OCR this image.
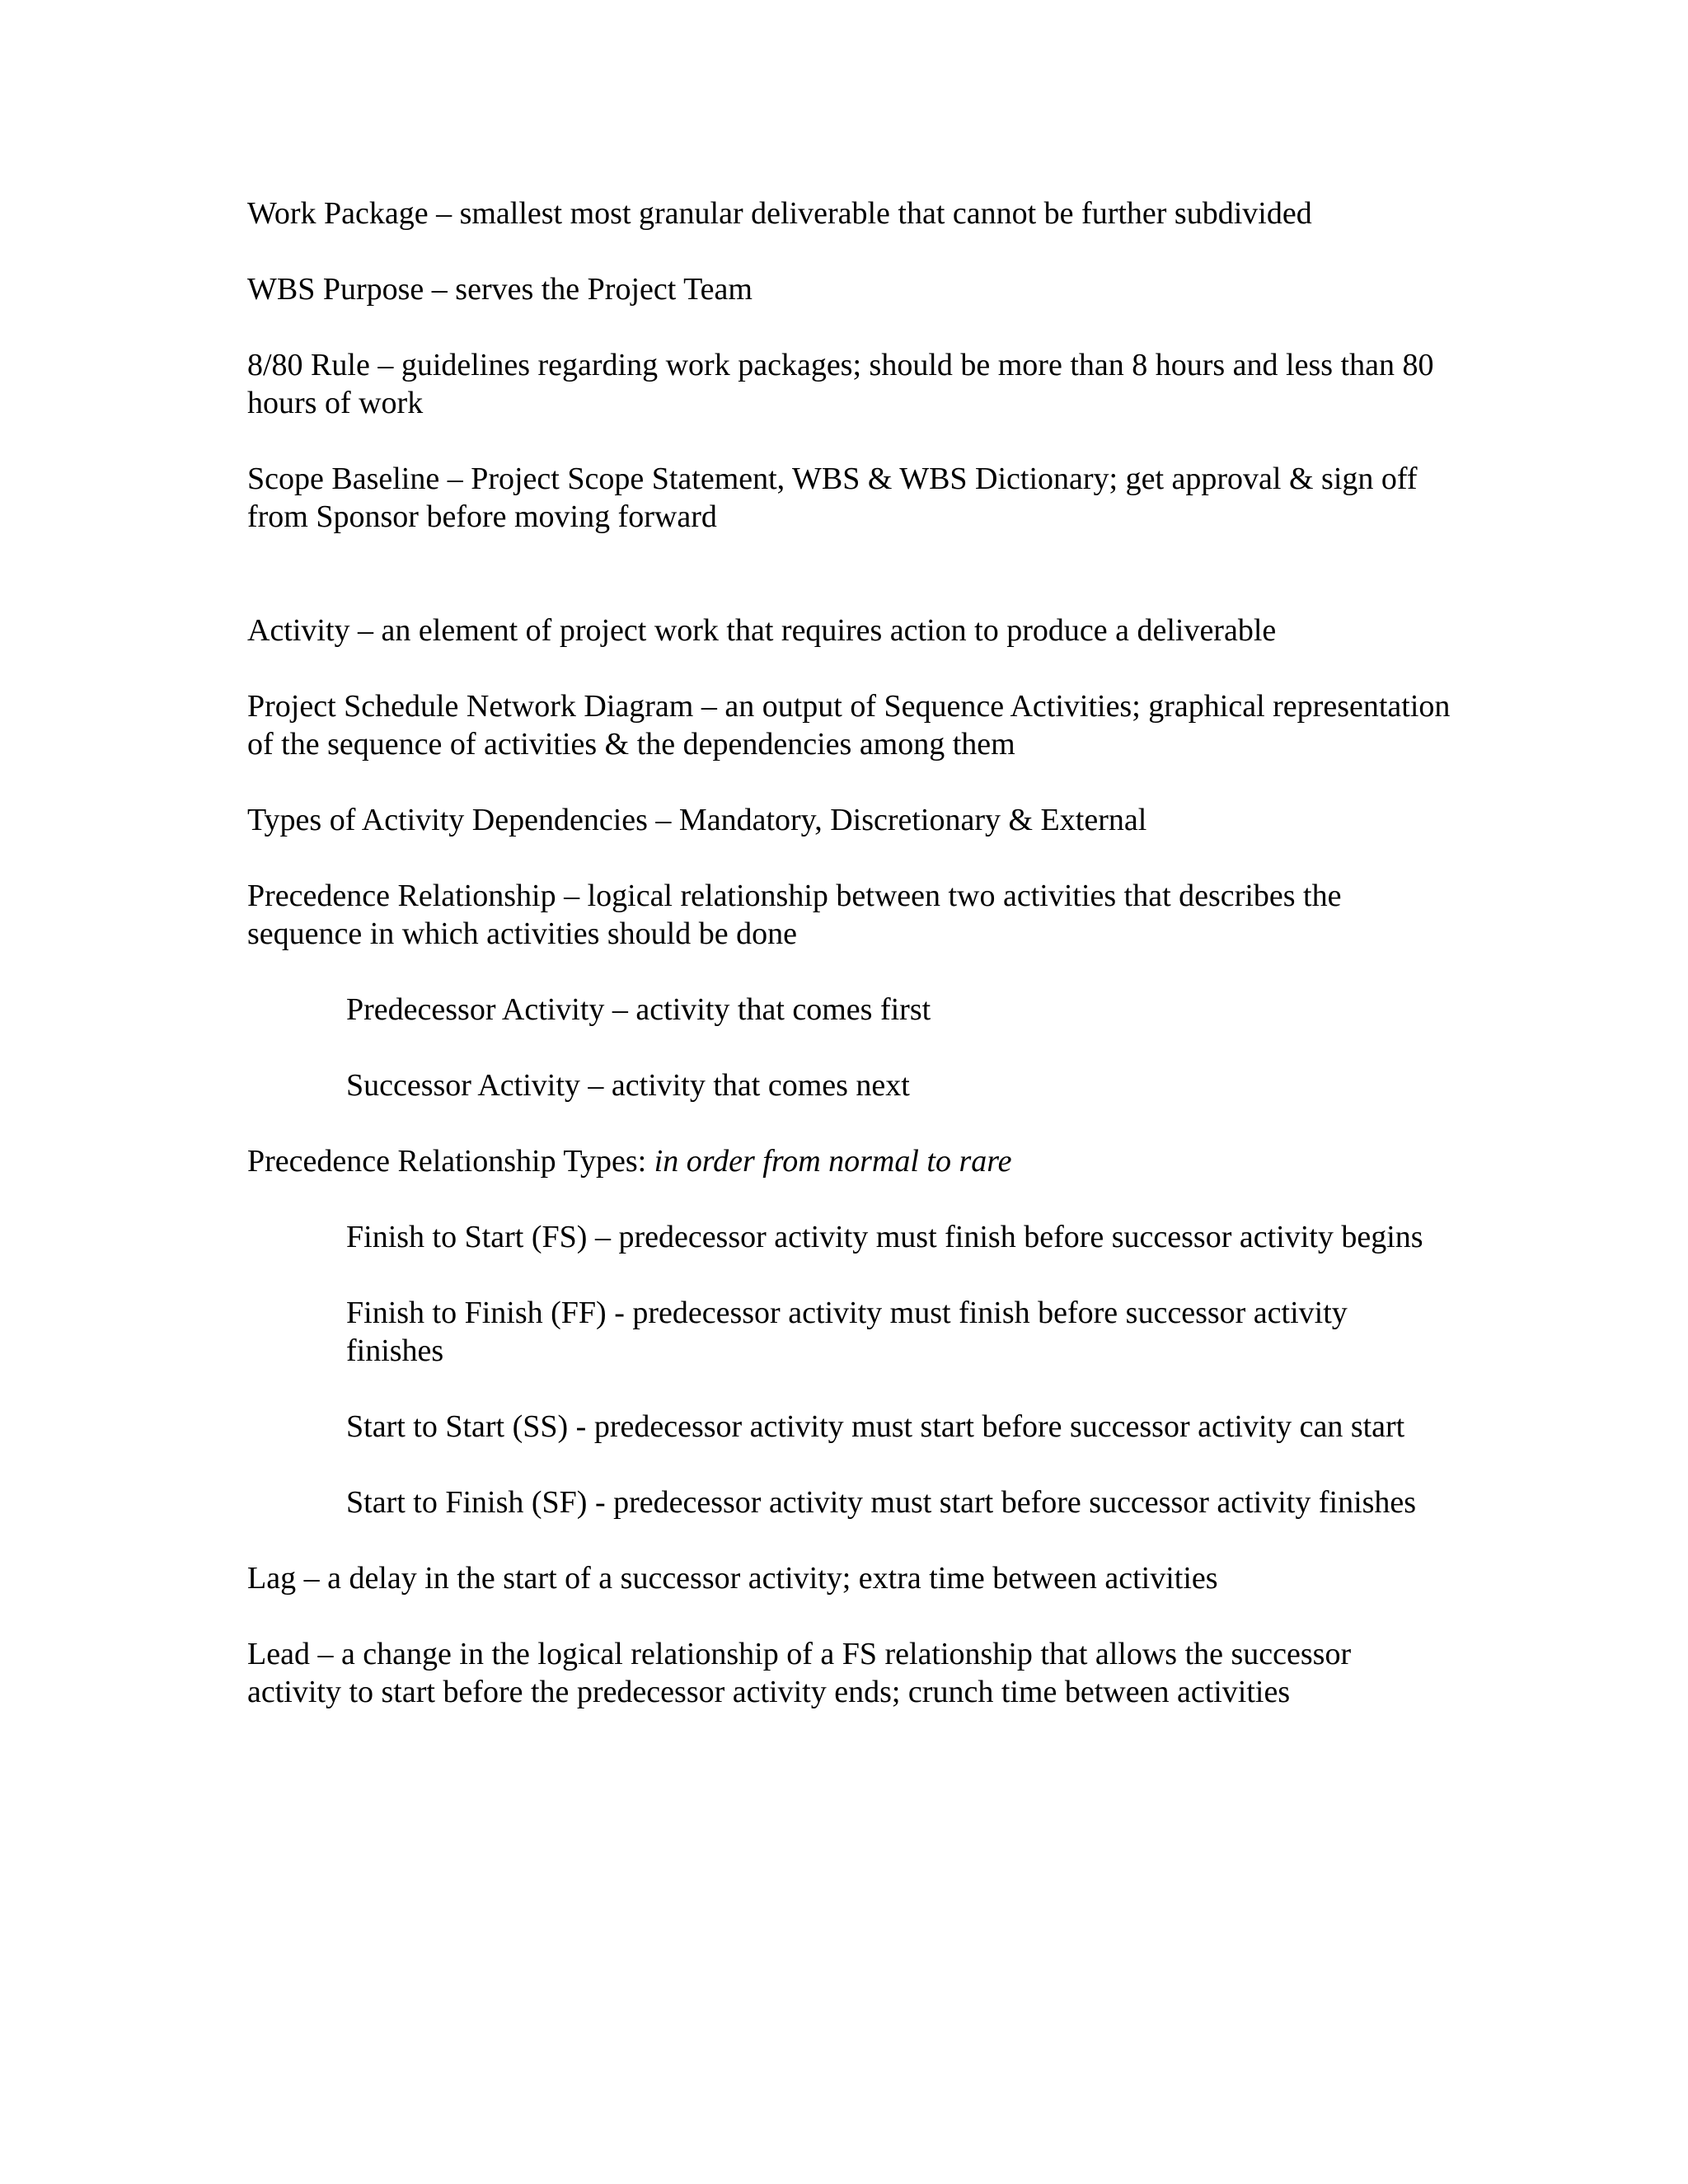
Work Package – smallest most granular deliverable that cannot be further subdivided

WBS Purpose – serves the Project Team

8/80 Rule – guidelines regarding work packages; should be more than 8 hours and less than 80 hours of work

Scope Baseline – Project Scope Statement, WBS & WBS Dictionary; get approval & sign off from Sponsor before moving forward

Activity – an element of project work that requires action to produce a deliverable

Project Schedule Network Diagram – an output of Sequence Activities; graphical representation of the sequence of activities & the dependencies among them

Types of Activity Dependencies – Mandatory, Discretionary & External

Precedence Relationship – logical relationship between two activities that describes the sequence in which activities should be done

Predecessor Activity – activity that comes first

Successor Activity – activity that comes next

Precedence Relationship Types: in order from normal to rare

Finish to Start (FS) – predecessor activity must finish before successor activity begins

Finish to Finish (FF) - predecessor activity must finish before successor activity finishes

Start to Start (SS) - predecessor activity must start before successor activity can start

Start to Finish (SF) - predecessor activity must start before successor activity finishes

Lag – a delay in the start of a successor activity; extra time between activities

Lead – a change in the logical relationship of a FS relationship that allows the successor activity to start before the predecessor activity ends; crunch time between activities
